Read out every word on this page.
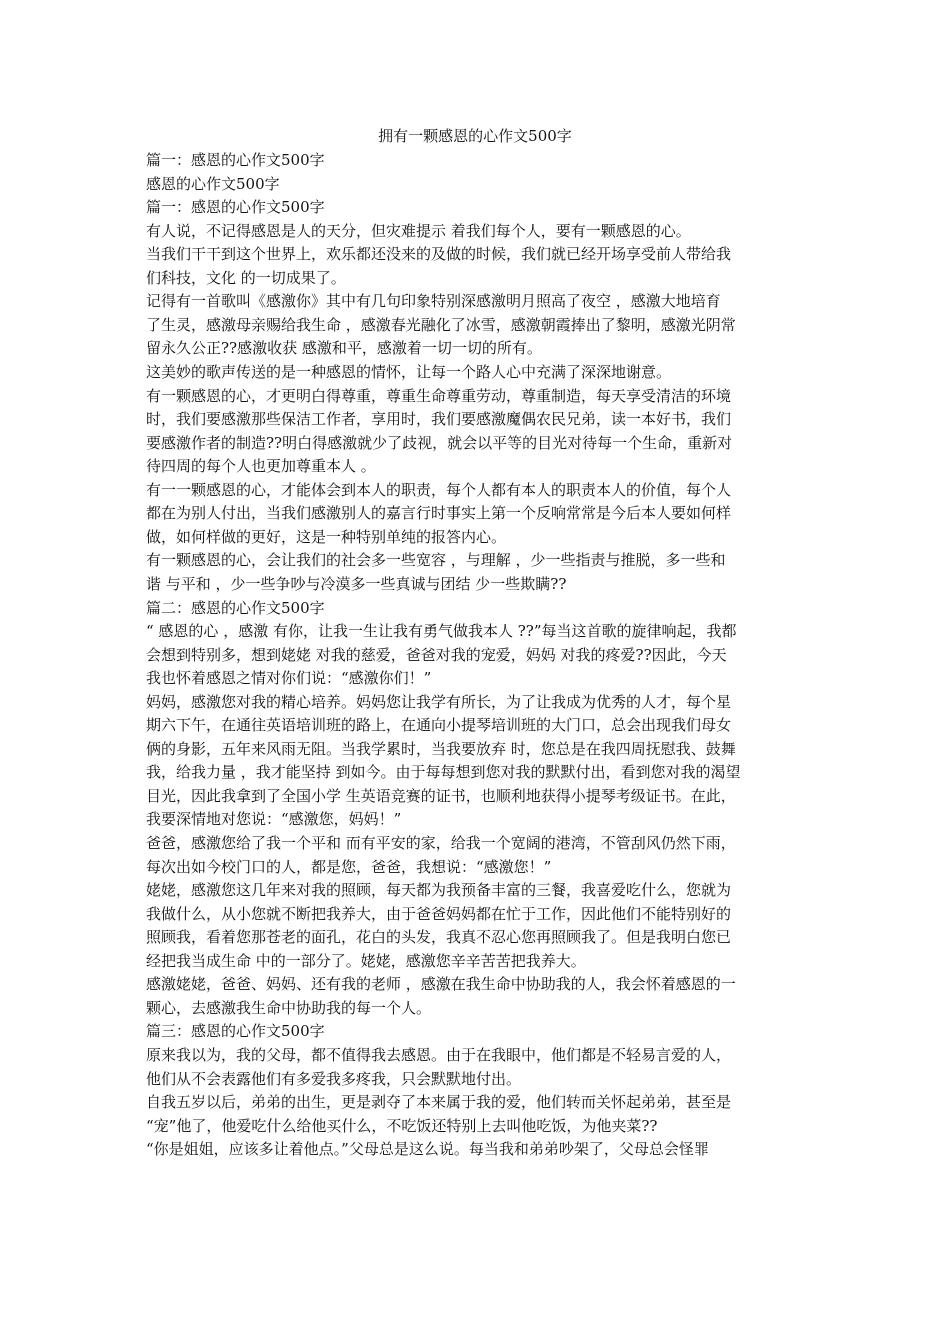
拥有一颗感恩的心作文500字
篇一：感恩的心作文500字
感恩的心作文500字
篇一：感恩的心作文500字
有人说，不记得感恩是人的天分，但灾难提示 着我们每个人，要有一颗感恩的心。
当我们干干到这个世界上，欢乐都还没来的及做的时候，我们就已经开场享受前人带给我
们科技，文化 的一切成果了。
记得有一首歌叫《感激你》其中有几句印象特别深感激明月照高了夜空 ，感激大地培育
了生灵，感激母亲赐给我生命 ，感激春光融化了冰雪，感激朝霞捧出了黎明，感激光阴常
留永久公正??感激收获 感激和平，感激着一切一切的所有。
这美妙的歌声传送的是一种感恩的情怀，让每一个路人心中充满了深深地谢意。
有一颗感恩的心，才更明白得尊重，尊重生命尊重劳动，尊重制造，每天享受清洁的环境
时，我们要感激那些保洁工作者，享用时，我们要感激魔偶农民兄弟，读一本好书，我们
要感激作者的制造??明白得感激就少了歧视，就会以平等的目光对待每一个生命，重新对
待四周的每个人也更加尊重本人 。
有一一颗感恩的心，才能体会到本人的职责，每个人都有本人的职责本人的价值，每个人
都在为别人付出，当我们感激别人的嘉言行时事实上第一个反响常常是今后本人要如何样
做，如何样做的更好，这是一种特别单纯的报答内心。
有一颗感恩的心，会让我们的社会多一些宽容 ，与理解 ，少一些指责与推脱，多一些和
谐 与平和 ，少一些争吵与冷漠多一些真诚与团结 少一些欺瞒??
篇二：感恩的心作文500字
“ 感恩的心 ，感激 有你，让我一生让我有勇气做我本人 ??”每当这首歌的旋律响起，我都
会想到特别多，想到姥姥 对我的慈爱，爸爸对我的宠爱，妈妈 对我的疼爱??因此，今天
我也怀着感恩之情对你们说：“感激你们！”
妈妈，感激您对我的精心培养。妈妈您让我学有所长，为了让我成为优秀的人才，每个星
期六下午，在通往英语培训班的路上，在通向小提琴培训班的大门口，总会出现我们母女
俩的身影，五年来风雨无阻。当我学累时，当我要放弃 时，您总是在我四周抚慰我、鼓舞
我，给我力量 ，我才能坚持 到如今。由于每每想到您对我的默默付出，看到您对我的渴望
目光，因此我拿到了全国小学 生英语竞赛的证书，也顺利地获得小提琴考级证书。在此，
我要深情地对您说：“感激您，妈妈！”
爸爸，感激您给了我一个平和 而有平安的家，给我一个宽阔的港湾，不管刮风仍然下雨，
每次出如今校门口的人，都是您，爸爸，我想说：“感激您！”
姥姥，感激您这几年来对我的照顾，每天都为我预备丰富的三餐，我喜爱吃什么，您就为
我做什么，从小您就不断把我养大，由于爸爸妈妈都在忙于工作，因此他们不能特别好的
照顾我，看着您那苍老的面孔，花白的头发，我真不忍心您再照顾我了。但是我明白您已
经把我当成生命 中的一部分了。姥姥，感激您辛辛苦苦把我养大。
感激姥姥，爸爸、妈妈、还有我的老师 ，感激在我生命中协助我的人，我会怀着感恩的一
颗心，去感激我生命中协助我的每一个人。
篇三：感恩的心作文500字
原来我以为，我的父母，都不值得我去感恩。由于在我眼中，他们都是不轻易言爱的人，
他们从不会表露他们有多爱我多疼我，只会默默地付出。
自我五岁以后，弟弟的出生，更是剥夺了本来属于我的爱，他们转而关怀起弟弟，甚至是
“宠”他了，他爱吃什么给他买什么，不吃饭还特别上去叫他吃饭，为他夹菜??
“你是姐姐，应该多让着他点。”父母总是这么说。每当我和弟弟吵架了，父母总会怪罪
